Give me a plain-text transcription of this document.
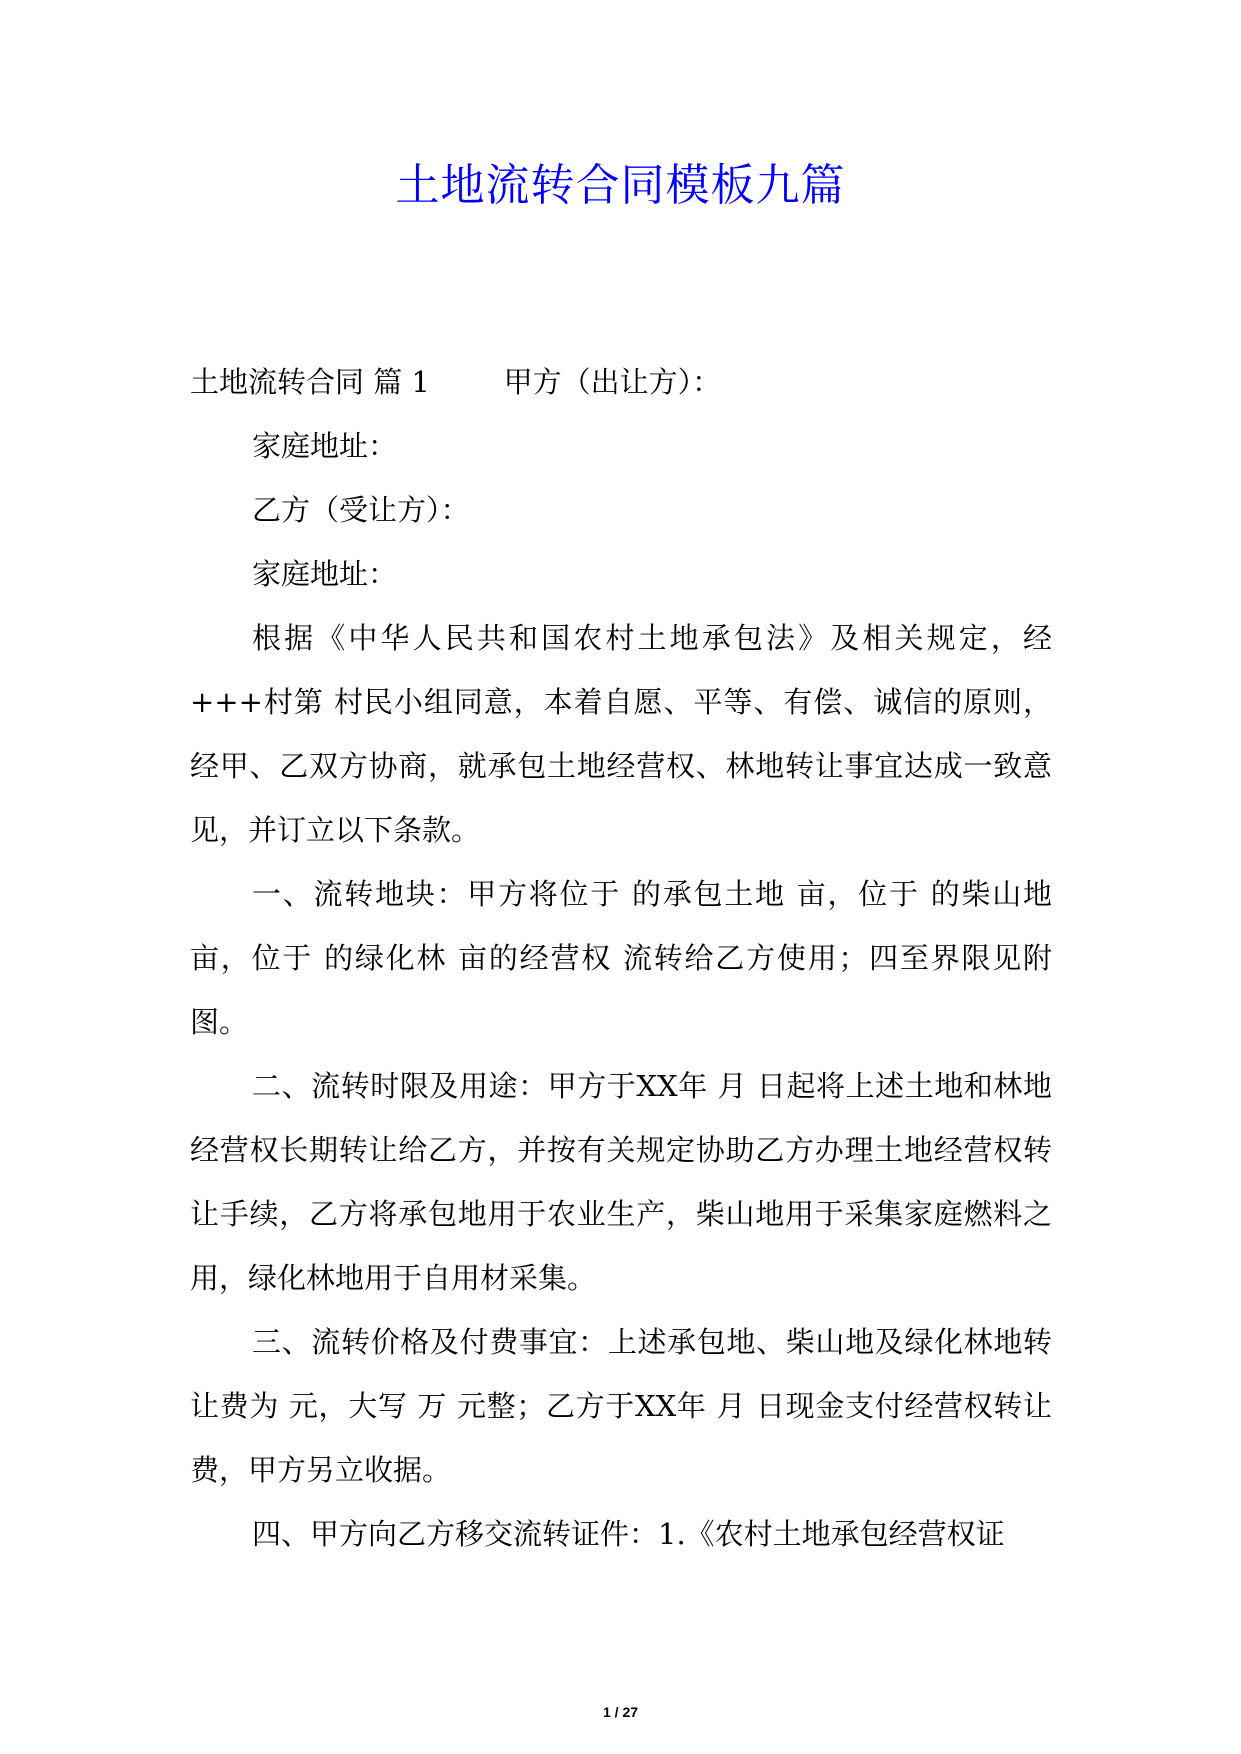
土地流转合同模板九篇

土地流转合同 篇 1	甲方（出让方）：

家庭地址：

乙方（受让方）：

家庭地址：

根据《中华人民共和国农村土地承包法》及相关规定，经+++村第 村民小组同意，本着自愿、平等、有偿、诚信的原则，经甲、乙双方协商，就承包土地经营权、林地转让事宜达成一致意见，并订立以下条款。

一、流转地块：甲方将位于 的承包土地 亩，位于 的柴山地亩，位于 的绿化林 亩的经营权 流转给乙方使用；四至界限见附图。

二、流转时限及用途：甲方于XX年 月 日起将上述土地和林地经营权长期转让给乙方，并按有关规定协助乙方办理土地经营权转让手续，乙方将承包地用于农业生产，柴山地用于采集家庭燃料之用，绿化林地用于自用材采集。

三、流转价格及付费事宜：上述承包地、柴山地及绿化林地转让费为 元，大写 万 元整；乙方于XX年 月 日现金支付经营权转让费，甲方另立收据。

四、甲方向乙方移交流转证件：1.《农村土地承包经营权证

1 / 27
